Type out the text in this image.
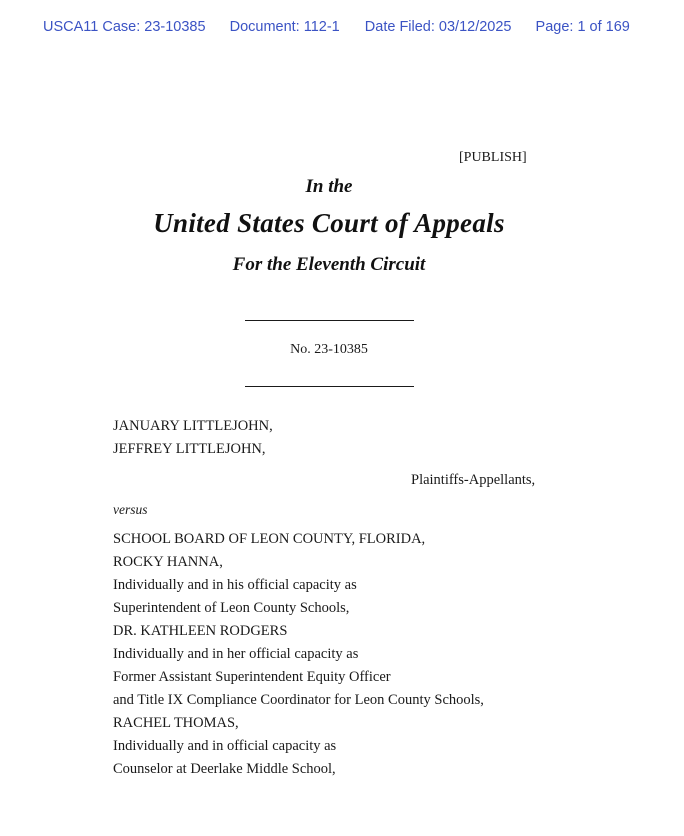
USCA11 Case: 23-10385 Document: 112-1 Date Filed: 03/12/2025 Page: 1 of 169
[PUBLISH]
In the
United States Court of Appeals
For the Eleventh Circuit
No. 23-10385
JANUARY LITTLEJOHN,
JEFFREY LITTLEJOHN,
Plaintiffs-Appellants,
versus
SCHOOL BOARD OF LEON COUNTY, FLORIDA,
ROCKY HANNA,
Individually and in his official capacity as
Superintendent of Leon County Schools,
DR. KATHLEEN RODGERS
Individually and in her official capacity as
Former Assistant Superintendent Equity Officer
and Title IX Compliance Coordinator for Leon County Schools,
RACHEL THOMAS,
Individually and in official capacity as
Counselor at Deerlake Middle School,
